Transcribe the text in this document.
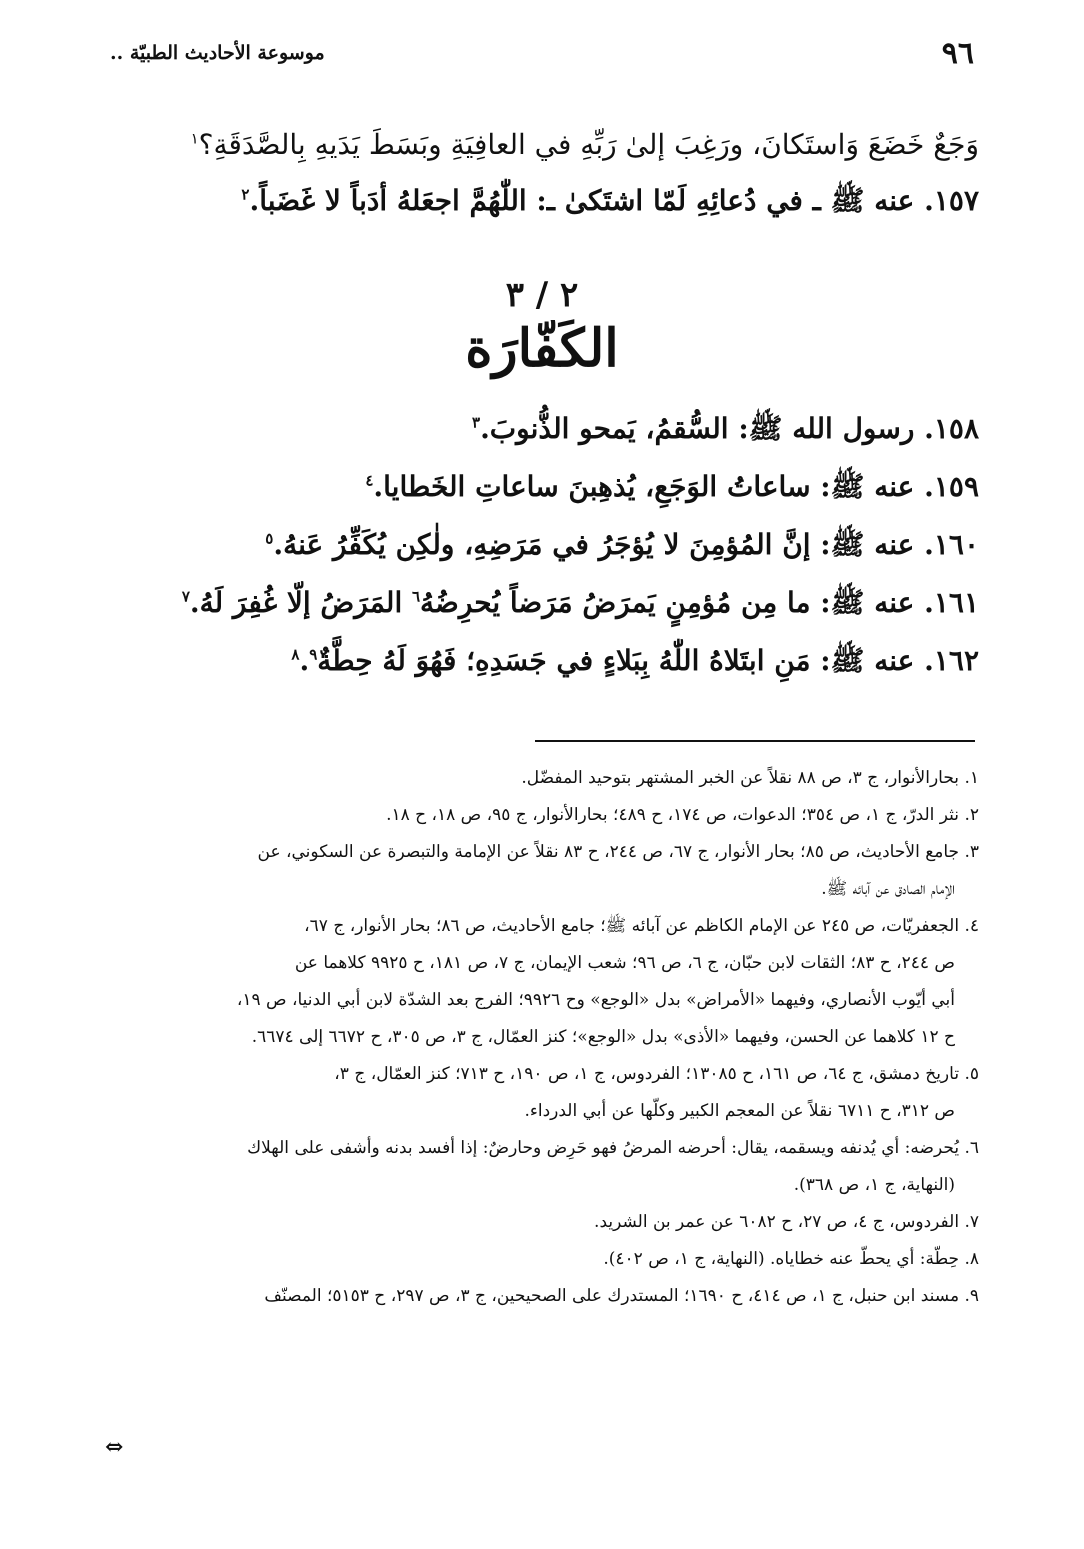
٩٦
موسوعة الأحاديث الطبيّة ..

وَجَعٌ خَضَعَ وَاستَكانَ، ورَغِبَ إلىٰ رَبِّهِ في العافِيَةِ وبَسَطَ يَدَيهِ بِالصَّدَقَةِ؟$^١$

١٥٧. عنه ﷺ ـ في دُعائِهِ لَمّا اشتَكىٰ ـ: اللّٰهُمَّ اجعَلهُ أدَباً لا غَضَباً.$^٢$

٢ / ٣
الكَفّارَة

١٥٨. رسول الله ﷺ: السُّقمُ، يَمحو الذُّنوبَ.$^٣$

١٥٩. عنه ﷺ: ساعاتُ الوَجَعِ، يُذهِبنَ ساعاتِ الخَطايا.$^٤$

١٦٠. عنه ﷺ: إنَّ المُؤمِنَ لا يُؤجَرُ في مَرَضِهِ، ولٰكِن يُكَفِّرُ عَنهُ.$^٥$

١٦١. عنه ﷺ: ما مِن مُؤمِنٍ يَمرَضُ مَرَضاً يُحرِضُهُ$^٦$ المَرَضُ إلّا غُفِرَ لَهُ.$^٧$

١٦٢. عنه ﷺ: مَنِ ابتَلاهُ اللّٰهُ بِبَلاءٍ في جَسَدِهِ؛ فَهُوَ لَهُ حِطَّةٌ$^٨$.$^٩$

١. بحارالأنوار، ج ٣، ص ٨٨ نقلاً عن الخبر المشتهر بتوحيد المفضّل.

٢. نثر الدرّ، ج ١، ص ٣٥٤؛ الدعوات، ص ١٧٤، ح ٤٨٩؛ بحارالأنوار، ج ٩٥، ص ١٨، ح ١٨.

٣. جامع الأحاديث، ص ٨٥؛ بحار الأنوار، ج ٦٧، ص ٢٤٤، ح ٨٣ نقلاً عن الإمامة والتبصرة عن السكوني، عن

الإمام الصادق عن آبائه ﷺ.

٤. الجعفريّات، ص ٢٤٥ عن الإمام الكاظم عن آبائه ﷺ؛ جامع الأحاديث، ص ٨٦؛ بحار الأنوار، ج ٦٧،

ص ٢٤٤، ح ٨٣؛ الثقات لابن حبّان، ج ٦، ص ٩٦؛ شعب الإيمان، ج ٧، ص ١٨١، ح ٩٩٢٥ كلاهما عن

أبي أيّوب الأنصاري، وفيهما «الأمراض» بدل «الوجع» وح ٩٩٢٦؛ الفرج بعد الشدّة لابن أبي الدنيا، ص ١٩،

ح ١٢ كلاهما عن الحسن، وفيهما «الأذى» بدل «الوجع»؛ كنز العمّال، ج ٣، ص ٣٠٥، ح ٦٦٧٢ إلى ٦٦٧٤.

٥. تاريخ دمشق، ج ٦٤، ص ١٦١، ح ١٣٠٨٥؛ الفردوس، ج ١، ص ١٩٠، ح ٧١٣؛ كنز العمّال، ج ٣،

ص ٣١٢، ح ٦٧١١ نقلاً عن المعجم الكبير وكلّها عن أبي الدرداء.

٦. يُحرضه: أي يُدنفه ويسقمه، يقال: أحرضه المرضُ فهو حَرِض وحارضٌ: إذا أفسد بدنه وأشفى على الهلاك

(النهاية، ج ١، ص ٣٦٨).

٧. الفردوس، ج ٤، ص ٢٧، ح ٦٠٨٢ عن عمر بن الشريد.

٨. حِطّة: أي يحطّ عنه خطاياه. (النهاية، ج ١، ص ٤٠٢).

٩. مسند ابن حنبل، ج ١، ص ٤١٤، ح ١٦٩٠؛ المستدرك على الصحيحين، ج ٣، ص ٢٩٧، ح ٥١٥٣؛ المصنّف

⇔
